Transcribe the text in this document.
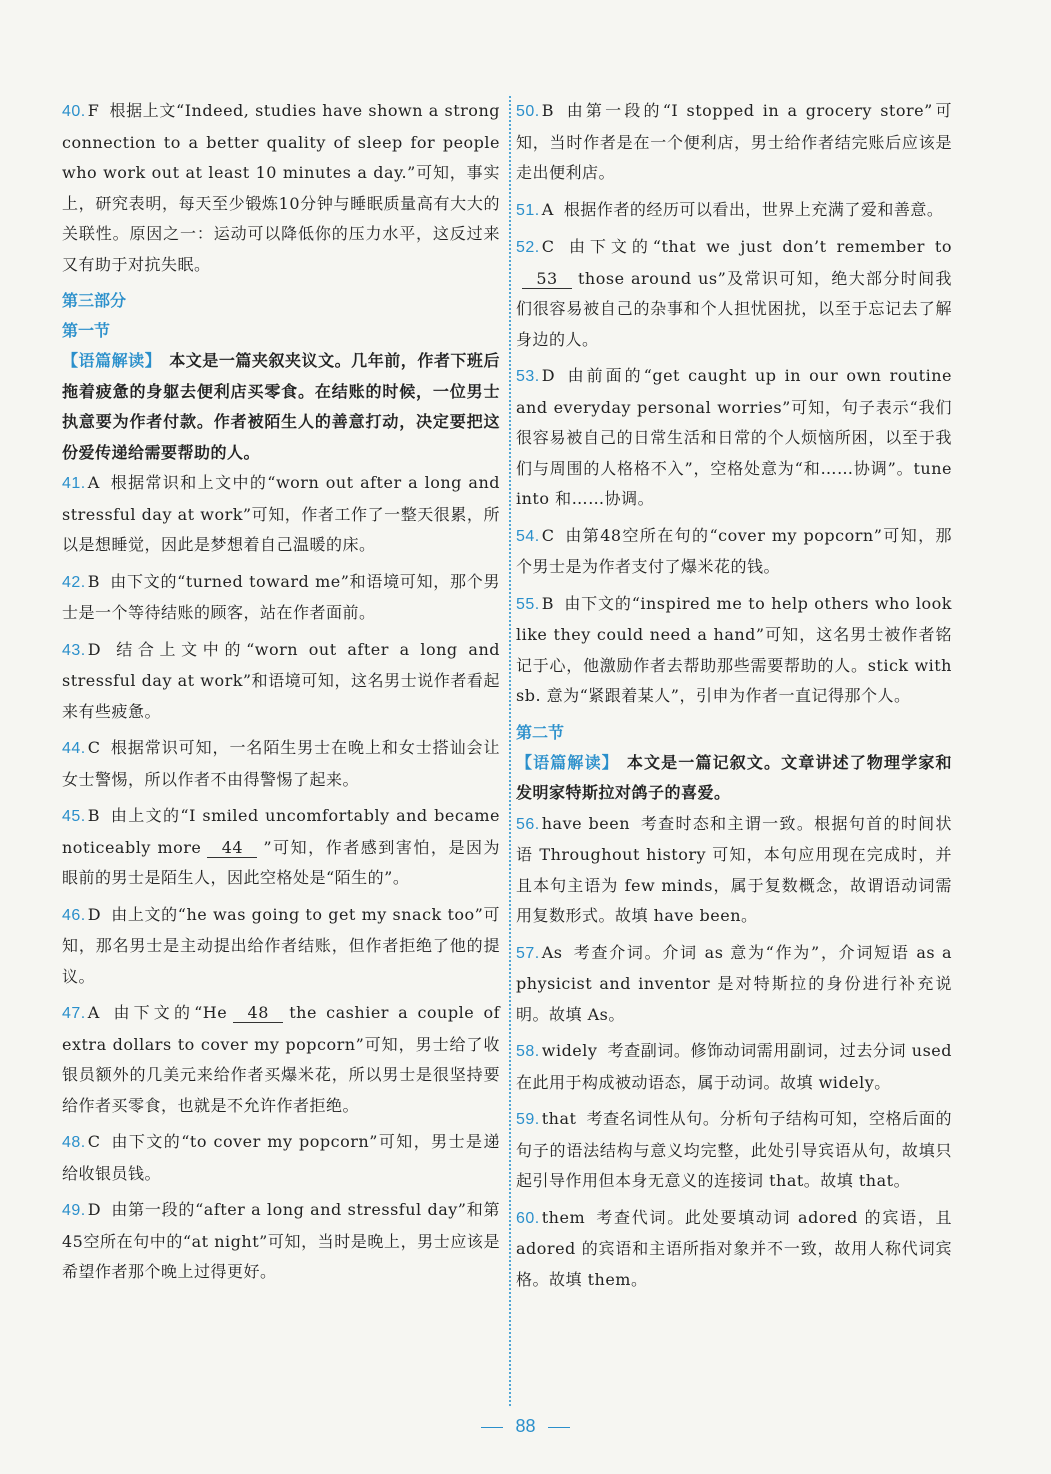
40. F 根据上文“Indeed, studies have shown a strong connection to a better quality of sleep for people who work out at least 10 minutes a day.”可知，事实上，研究表明，每天至少锻炼10分钟与睡眠质量高有大大的关联性。原因之一：运动可以降低你的压力水平，这反过来又有助于对抗失眠。

第三部分
第一节

【语篇解读】 本文是一篇夹叙夹议文。几年前，作者下班后拖着疲惫的身躯去便利店买零食。在结账的时候，一位男士执意要为作者付款。作者被陌生人的善意打动，决定要把这份爱传递给需要帮助的人。

41. A 根据常识和上文中的“worn out after a long and stressful day at work”可知，作者工作了一整天很累，所以是想睡觉，因此是梦想着自己温暖的床。

42. B 由下文的“turned toward me”和语境可知，那个男士是一个等待结账的顾客，站在作者面前。

43. D 结合上文中的“worn out after a long and stressful day at work”和语境可知，这名男士说作者看起来有些疲惫。

44. C 根据常识可知，一名陌生男士在晚上和女士搭讪会让女士警惕，所以作者不由得警惕了起来。

45. B 由上文的“I smiled uncomfortably and became noticeably more 44 ”可知，作者感到害怕，是因为眼前的男士是陌生人，因此空格处是“陌生的”。

46. D 由上文的“he was going to get my snack too”可知，那名男士是主动提出给作者结账，但作者拒绝了他的提议。

47. A 由下文的“He 48 the cashier a couple of extra dollars to cover my popcorn”可知，男士给了收银员额外的几美元来给作者买爆米花，所以男士是很坚持要给作者买零食，也就是不允许作者拒绝。

48. C 由下文的“to cover my popcorn”可知，男士是递给收银员钱。

49. D 由第一段的“after a long and stressful day”和第45空所在句中的“at night”可知，当时是晚上，男士应该是希望作者那个晚上过得更好。

50. B 由第一段的“I stopped in a grocery store”可知，当时作者是在一个便利店，男士给作者结完账后应该是走出便利店。

51. A 根据作者的经历可以看出，世界上充满了爱和善意。

52. C 由下文的“that we just don’t remember to53 those around us”及常识可知，绝大部分时间我们很容易被自己的杂事和个人担忧困扰，以至于忘记去了解身边的人。

53. D 由前面的“get caught up in our own routine and everyday personal worries”可知，句子表示“我们很容易被自己的日常生活和日常的个人烦恼所困，以至于我们与周围的人格格不入”，空格处意为“和……协调”。tune into 和……协调。

54. C 由第48空所在句的“cover my popcorn”可知，那个男士是为作者支付了爆米花的钱。

55. B 由下文的“inspired me to help others who look like they could need a hand”可知，这名男士被作者铭记于心，他激励作者去帮助那些需要帮助的人。stick with sb. 意为“紧跟着某人”，引申为作者一直记得那个人。

第二节

【语篇解读】 本文是一篇记叙文。文章讲述了物理学家和发明家特斯拉对鸽子的喜爱。

56. have been 考查时态和主谓一致。根据句首的时间状语 Throughout history 可知，本句应用现在完成时，并且本句主语为 few minds，属于复数概念，故谓语动词需用复数形式。故填 have been。

57. As 考查介词。介词 as 意为“作为”，介词短语 as a physicist and inventor 是对特斯拉的身份进行补充说明。故填 As。

58. widely 考查副词。修饰动词需用副词，过去分词 used 在此用于构成被动语态，属于动词。故填 widely。

59. that 考查名词性从句。分析句子结构可知，空格后面的句子的语法结构与意义均完整，此处引导宾语从句，故填只起引导作用但本身无意义的连接词 that。故填 that。

60. them 考查代词。此处要填动词 adored 的宾语，且 adored 的宾语和主语所指对象并不一致，故用人称代词宾格。故填 them。

88
